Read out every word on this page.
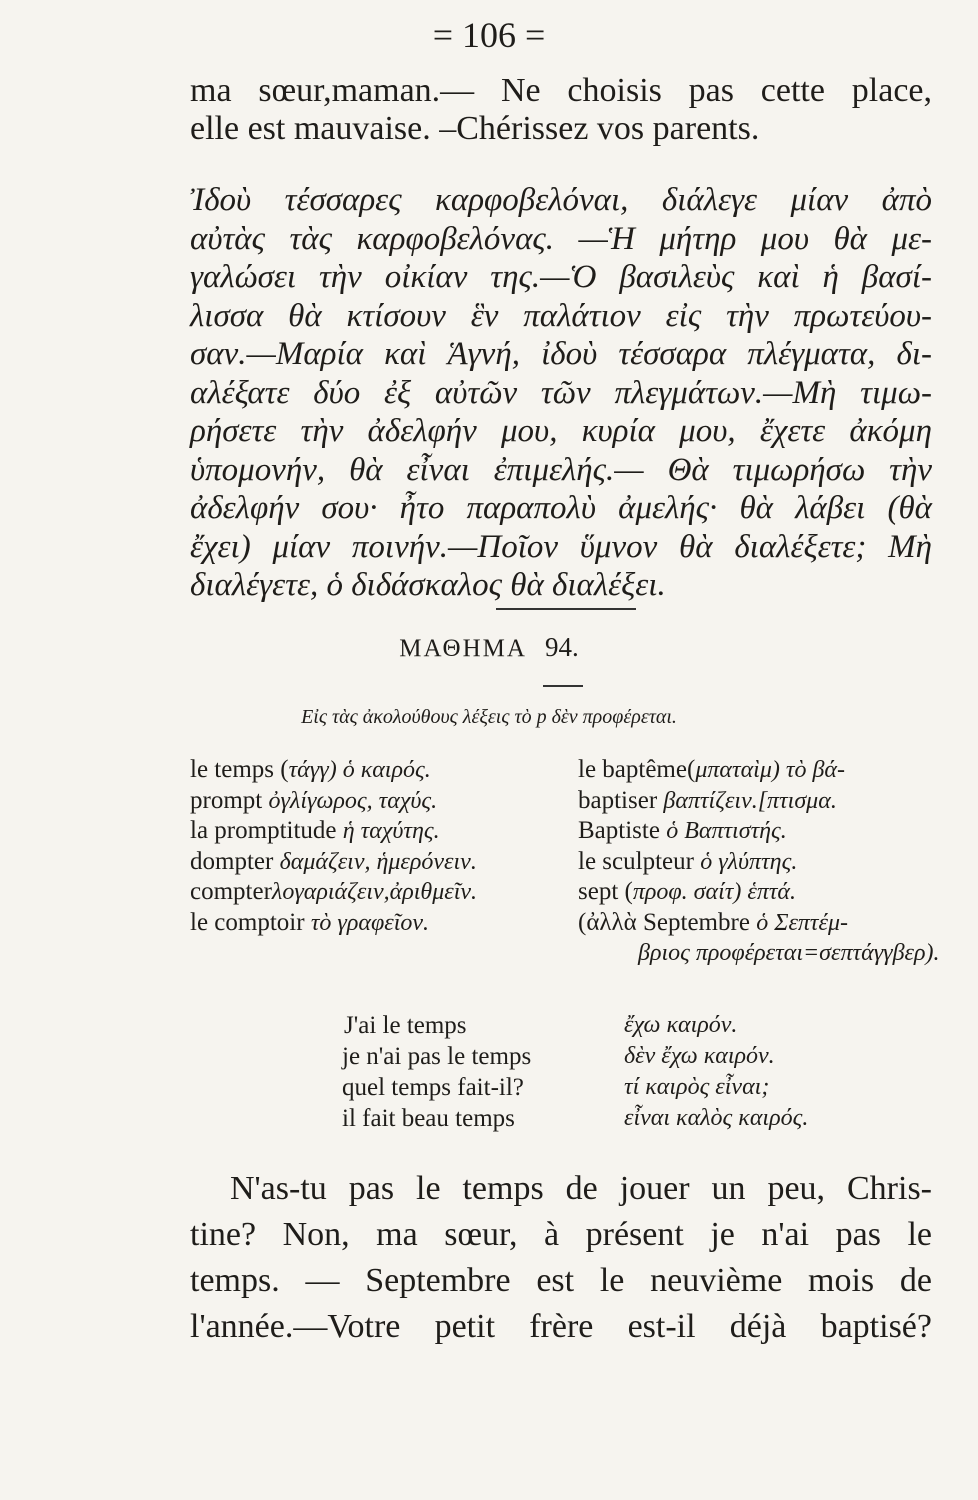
= 106 =
ma sœur,maman.— Ne choisis pas cette place,
elle est mauvaise. –Chérissez vos parents.
Ἰδοὺ τέσσαρες καρφοβελόναι, διάλεγε μίαν ἀπὸ
αὐτὰς τὰς καρφοβελόνας. —Ἡ μήτηρ μου θὰ με-
γαλώσει τὴν οἰκίαν της.—Ὁ βασιλεὺς καὶ ἡ βασί-
λισσα θὰ κτίσουν ἓν παλάτιον εἰς τὴν πρωτεύου-
σαν.—Μαρία καὶ Ἁγνή, ἰδοὺ τέσσαρα πλέγματα, δι-
αλέξατε δύο ἐξ αὐτῶν τῶν πλεγμάτων.—Μὴ τιμω-
ρήσετε τὴν ἀδελφήν μου, κυρία μου, ἔχετε ἀκόμη
ὑπομονήν, θὰ εἶναι ἐπιμελής.— Θὰ τιμωρήσω τὴν
ἀδελφήν σου· ἦτο παραπολὺ ἀμελής· θὰ λάβει (θὰ
ἔχει) μίαν ποινήν.—Ποῖον ὕμνον θὰ διαλέξετε; Μὴ
διαλέγετε, ὁ διδάσκαλος θὰ διαλέξει.
ΜΑΘΗΜΑ 94.
Εἰς τὰς ἀκολούθους λέξεις τὸ p δὲν προφέρεται.
le temps (τάγγ) ὁ καιρός.	le baptême(μπαταὶμ) τὸ βά-
prompt ὀγλίγωρος, ταχύς.	baptiser βαπτίζειν.[πτισμα.
la promptitude ἡ ταχύτης.	Baptiste ὁ Βαπτιστής.
dompter δαμάζειν, ἡμερόνειν.	le sculpteur ὁ γλύπτης.
compterλογαριάζειν,ἀριθμεῖν.	sept (προφ. σαίτ) ἑπτά.
le comptoir τὸ γραφεῖον.	(ἀλλὰ Septembre ὁ Σεπτέμ-
βριος προφέρεται=σεπτάγγβερ).
J'ai le temps	ἔχω καιρόν.
je n'ai pas le temps	δὲν ἔχω καιρόν.
quel temps fait-il?	τί καιρὸς εἶναι;
il fait beau temps	εἶναι καλὸς καιρός.
N'as-tu pas le temps de jouer un peu, Chris-
tine? Non, ma sœur, à présent je n'ai pas le
temps. — Septembre est le neuvième mois de
l'année.—Votre petit frère est-il déjà baptisé?
